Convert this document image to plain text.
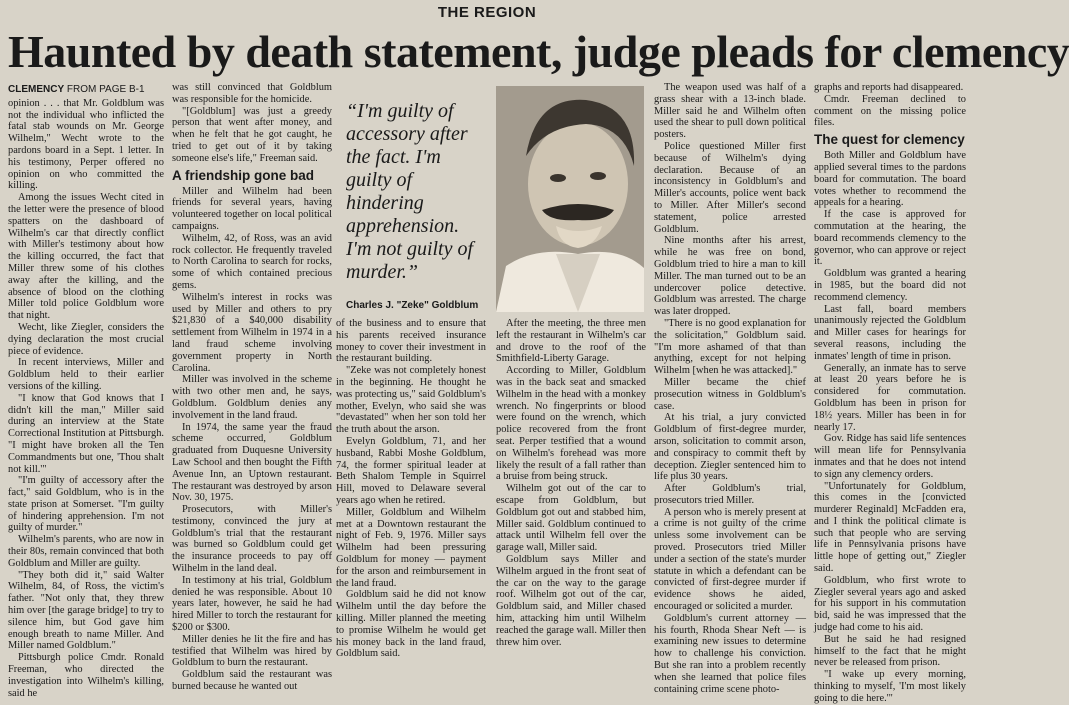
THE REGION
Haunted by death statement, judge pleads for clemency
CLEMENCY FROM PAGE B-1

opinion . . . that Mr. Goldblum was not the individual who inflicted the fatal stab wounds on Mr. George Wilhelm," Wecht wrote to the pardons board in a Sept. 1 letter. In his testimony, Perper offered no opinion on who committed the killing.

Among the issues Wecht cited in the letter were the presence of blood spatters on the dashboard of Wilhelm's car that directly conflict with Miller's testimony about how the killing occurred, the fact that Miller threw some of his clothes away after the killing, and the absence of blood on the clothing Miller told police Goldblum wore that night.

Wecht, like Ziegler, considers the dying declaration the most crucial piece of evidence.

In recent interviews, Miller and Goldblum held to their earlier versions of the killing.

"I know that God knows that I didn't kill the man," Miller said during an interview at the State Correctional Institution at Pittsburgh. "I might have broken all the Ten Commandments but one, 'Thou shalt not kill.'"

"I'm guilty of accessory after the fact," said Goldblum, who is in the state prison at Somerset. "I'm guilty of hindering apprehension. I'm not guilty of murder."

Wilhelm's parents, who are now in their 80s, remain convinced that both Goldblum and Miller are guilty.

"They both did it," said Walter Wilhelm, 84, of Ross, the victim's father. "Not only that, they threw him over [the garage bridge] to try to silence him, but God gave him enough breath to name Miller. And Miller named Goldblum."

Pittsburgh police Cmdr. Ronald Freeman, who directed the investigation into Wilhelm's killing, said he

was still convinced that Goldblum was responsible for the homicide.

"[Goldblum] was just a greedy person that went after money, and when he felt that he got caught, he tried to get out of it by taking someone else's life," Freeman said.

A friendship gone bad

Miller and Wilhelm had been friends for several years, having volunteered together on local political campaigns.

Wilhelm, 42, of Ross, was an avid rock collector. He frequently traveled to North Carolina to search for rocks, some of which contained precious gems.

Wilhelm's interest in rocks was used by Miller and others to pry $21,830 of a $40,000 disability settlement from Wilhelm in 1974 in a land fraud scheme involving government property in North Carolina.

Miller was involved in the scheme with two other men and, he says, Goldblum. Goldblum denies any involvement in the land fraud.

In 1974, the same year the fraud scheme occurred, Goldblum graduated from Duquesne University Law School and then bought the Fifth Avenue Inn, an Uptown restaurant. The restaurant was destroyed by arson Nov. 30, 1975.

Prosecutors, with Miller's testimony, convinced the jury at Goldblum's trial that the restaurant was burned so Goldblum could get the insurance proceeds to pay off Wilhelm in the land deal.

In testimony at his trial, Goldblum denied he was responsible. About 10 years later, however, he said he had hired Miller to torch the restaurant for $200 or $300.

Miller denies he lit the fire and has testified that Wilhelm was hired by Goldblum to burn the restaurant.

Goldblum said the restaurant was burned because he wanted out

“I'm guilty of accessory after the fact. I'm guilty of hindering apprehension. I'm not guilty of murder.”
Charles J. "Zeke" Goldblum

of the business and to ensure that his parents received insurance money to cover their investment in the restaurant building.

"Zeke was not completely honest in the beginning. He thought he was protecting us," said Goldblum's mother, Evelyn, who said she was "devastated" when her son told her the truth about the arson.

Evelyn Goldblum, 71, and her husband, Rabbi Moshe Goldblum, 74, the former spiritual leader at Beth Shalom Temple in Squirrel Hill, moved to Delaware several years ago when he retired.

Miller, Goldblum and Wilhelm met at a Downtown restaurant the night of Feb. 9, 1976. Miller says Wilhelm had been pressuring Goldblum for money — payment for the arson and reimbursement in the land fraud.

Goldblum said he did not know Wilhelm until the day before the killing. Miller planned the meeting to promise Wilhelm he would get his money back in the land fraud, Goldblum said.

After the meeting, the three men left the restaurant in Wilhelm's car and drove to the roof of the Smithfield-Liberty Garage.

According to Miller, Goldblum was in the back seat and smacked Wilhelm in the head with a monkey wrench. No fingerprints or blood were found on the wrench, which police recovered from the front seat. Perper testified that a wound on Wilhelm's forehead was more likely the result of a fall rather than a bruise from being struck.

Wilhelm got out of the car to escape from Goldblum, but Goldblum got out and stabbed him, Miller said. Goldblum continued to attack until Wilhelm fell over the garage wall, Miller said.

Goldblum says Miller and Wilhelm argued in the front seat of the car on the way to the garage roof. Wilhelm got out of the car, Goldblum said, and Miller chased him, attacking him until Wilhelm reached the garage wall. Miller then threw him over.

The weapon used was half of a grass shear with a 13-inch blade. Miller said he and Wilhelm often used the shear to pull down political posters.

Police questioned Miller first because of Wilhelm's dying declaration. Because of an inconsistency in Goldblum's and Miller's accounts, police went back to Miller. After Miller's second statement, police arrested Goldblum.

Nine months after his arrest, while he was free on bond, Goldblum tried to hire a man to kill Miller. The man turned out to be an undercover police detective. Goldblum was arrested. The charge was later dropped.

"There is no good explanation for the solicitation," Goldblum said. "I'm more ashamed of that than anything, except for not helping Wilhelm [when he was attacked]."

Miller became the chief prosecution witness in Goldblum's case.

At his trial, a jury convicted Goldblum of first-degree murder, arson, solicitation to commit arson, and conspiracy to commit theft by deception. Ziegler sentenced him to life plus 30 years.

After Goldblum's trial, prosecutors tried Miller.

A person who is merely present at a crime is not guilty of the crime unless some involvement can be proved. Prosecutors tried Miller under a section of the state's murder statute in which a defendant can be convicted of first-degree murder if evidence shows he aided, encouraged or solicited a murder.

Goldblum's current attorney — his fourth, Rhoda Shear Neft — is examining new issues to determine how to challenge his conviction. But she ran into a problem recently when she learned that police files containing crime scene photo-

graphs and reports had disappeared.

Cmdr. Freeman declined to comment on the missing police files.

The quest for clemency

Both Miller and Goldblum have applied several times to the pardons board for commutation. The board votes whether to recommend the appeals for a hearing.

If the case is approved for commutation at the hearing, the board recommends clemency to the governor, who can approve or reject it.

Goldblum was granted a hearing in 1985, but the board did not recommend clemency.

Last fall, board members unanimously rejected the Goldblum and Miller cases for hearings for several reasons, including the inmates' length of time in prison.

Generally, an inmate has to serve at least 20 years before he is considered for commutation. Goldblum has been in prison for 18½ years. Miller has been in for nearly 17.

Gov. Ridge has said life sentences will mean life for Pennsylvania inmates and that he does not intend to sign any clemency orders.

"Unfortunately for Goldblum, this comes in the [convicted murderer Reginald] McFadden era, and I think the political climate is such that people who are serving life in Pennsylvania prisons have little hope of getting out," Ziegler said.

Goldblum, who first wrote to Ziegler several years ago and asked for his support in his commutation bid, said he was impressed that the judge had come to his aid.

But he said he had resigned himself to the fact that he might never be released from prison.

"I wake up every morning, thinking to myself, 'I'm most likely going to die here.'"
